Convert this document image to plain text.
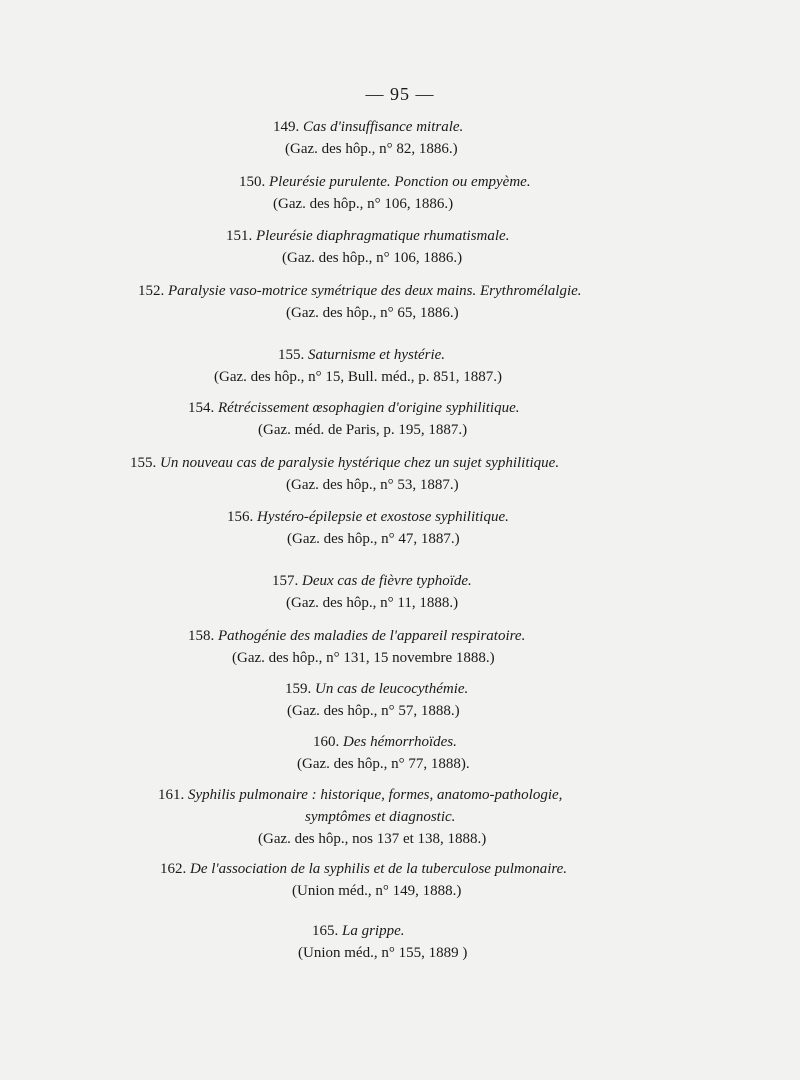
— 95 —
149. Cas d'insuffisance mitrale.
(Gaz. des hôp., n° 82, 1886.)
150. Pleurésie purulente. Ponction ou empyème.
(Gaz. des hôp., n° 106, 1886.)
151. Pleurésie diaphragmatique rhumatismale.
(Gaz. des hôp., n° 106, 1886.)
152. Paralysie vaso-motrice symétrique des deux mains. Erythromélalgie.
(Gaz. des hôp., n° 65, 1886.)
155. Saturnisme et hystérie.
(Gaz. des hôp., n° 15, Bull. méd., p. 851, 1887.)
154. Rétrécissement œsophagien d'origine syphilitique.
(Gaz. méd. de Paris, p. 195, 1887.)
155. Un nouveau cas de paralysie hystérique chez un sujet syphilitique.
(Gaz. des hôp., n° 53, 1887.)
156. Hystéro-épilepsie et exostose syphilitique.
(Gaz. des hôp., n° 47, 1887.)
157. Deux cas de fièvre typhoïde.
(Gaz. des hôp., n° 11, 1888.)
158. Pathogénie des maladies de l'appareil respiratoire.
(Gaz. des hôp., n° 131, 15 novembre 1888.)
159. Un cas de leucocythémie.
(Gaz. des hôp., n° 57, 1888.)
160. Des hémorrhoïdes.
(Gaz. des hôp., n° 77, 1888).
161. Syphilis pulmonaire : historique, formes, anatomo-pathologie,
symptômes et diagnostic.
(Gaz. des hôp., nos 137 et 138, 1888.)
162. De l'association de la syphilis et de la tuberculose pulmonaire.
(Union méd., n° 149, 1888.)
165. La grippe.
(Union méd., n° 155, 1889 )
